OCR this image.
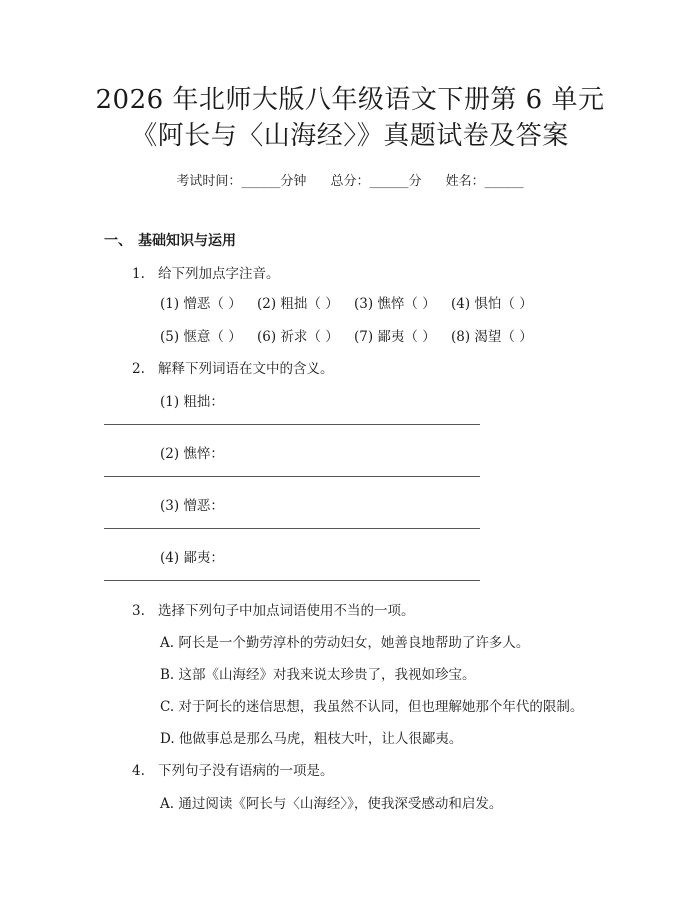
2026 年北师大版八年级语文下册第 6 单元
《阿长与〈山海经〉》真题试卷及答案
考试时间：______分钟 总分：______分 姓名：______
一、 基础知识与运用
1. 给下列加点字注音。
(1) 憎恶（ ） (2) 粗拙（ ） (3) 憔悴（ ） (4) 惧怕（ ）
(5) 惬意（ ） (6) 祈求（ ） (7) 鄙夷（ ） (8) 渴望（ ）
2. 解释下列词语在文中的含义。
(1) 粗拙：
(2) 憔悴：
(3) 憎恶：
(4) 鄙夷：
3. 选择下列句子中加点词语使用不当的一项。
A. 阿长是一个勤劳淳朴的劳动妇女，她善良地帮助了许多人。
B. 这部《山海经》对我来说太珍贵了，我视如珍宝。
C. 对于阿长的迷信思想，我虽然不认同，但也理解她那个年代的限制。
D. 他做事总是那么马虎，粗枝大叶，让人很鄙夷。
4. 下列句子没有语病的一项是。
A. 通过阅读《阿长与〈山海经〉》，使我深受感动和启发。
